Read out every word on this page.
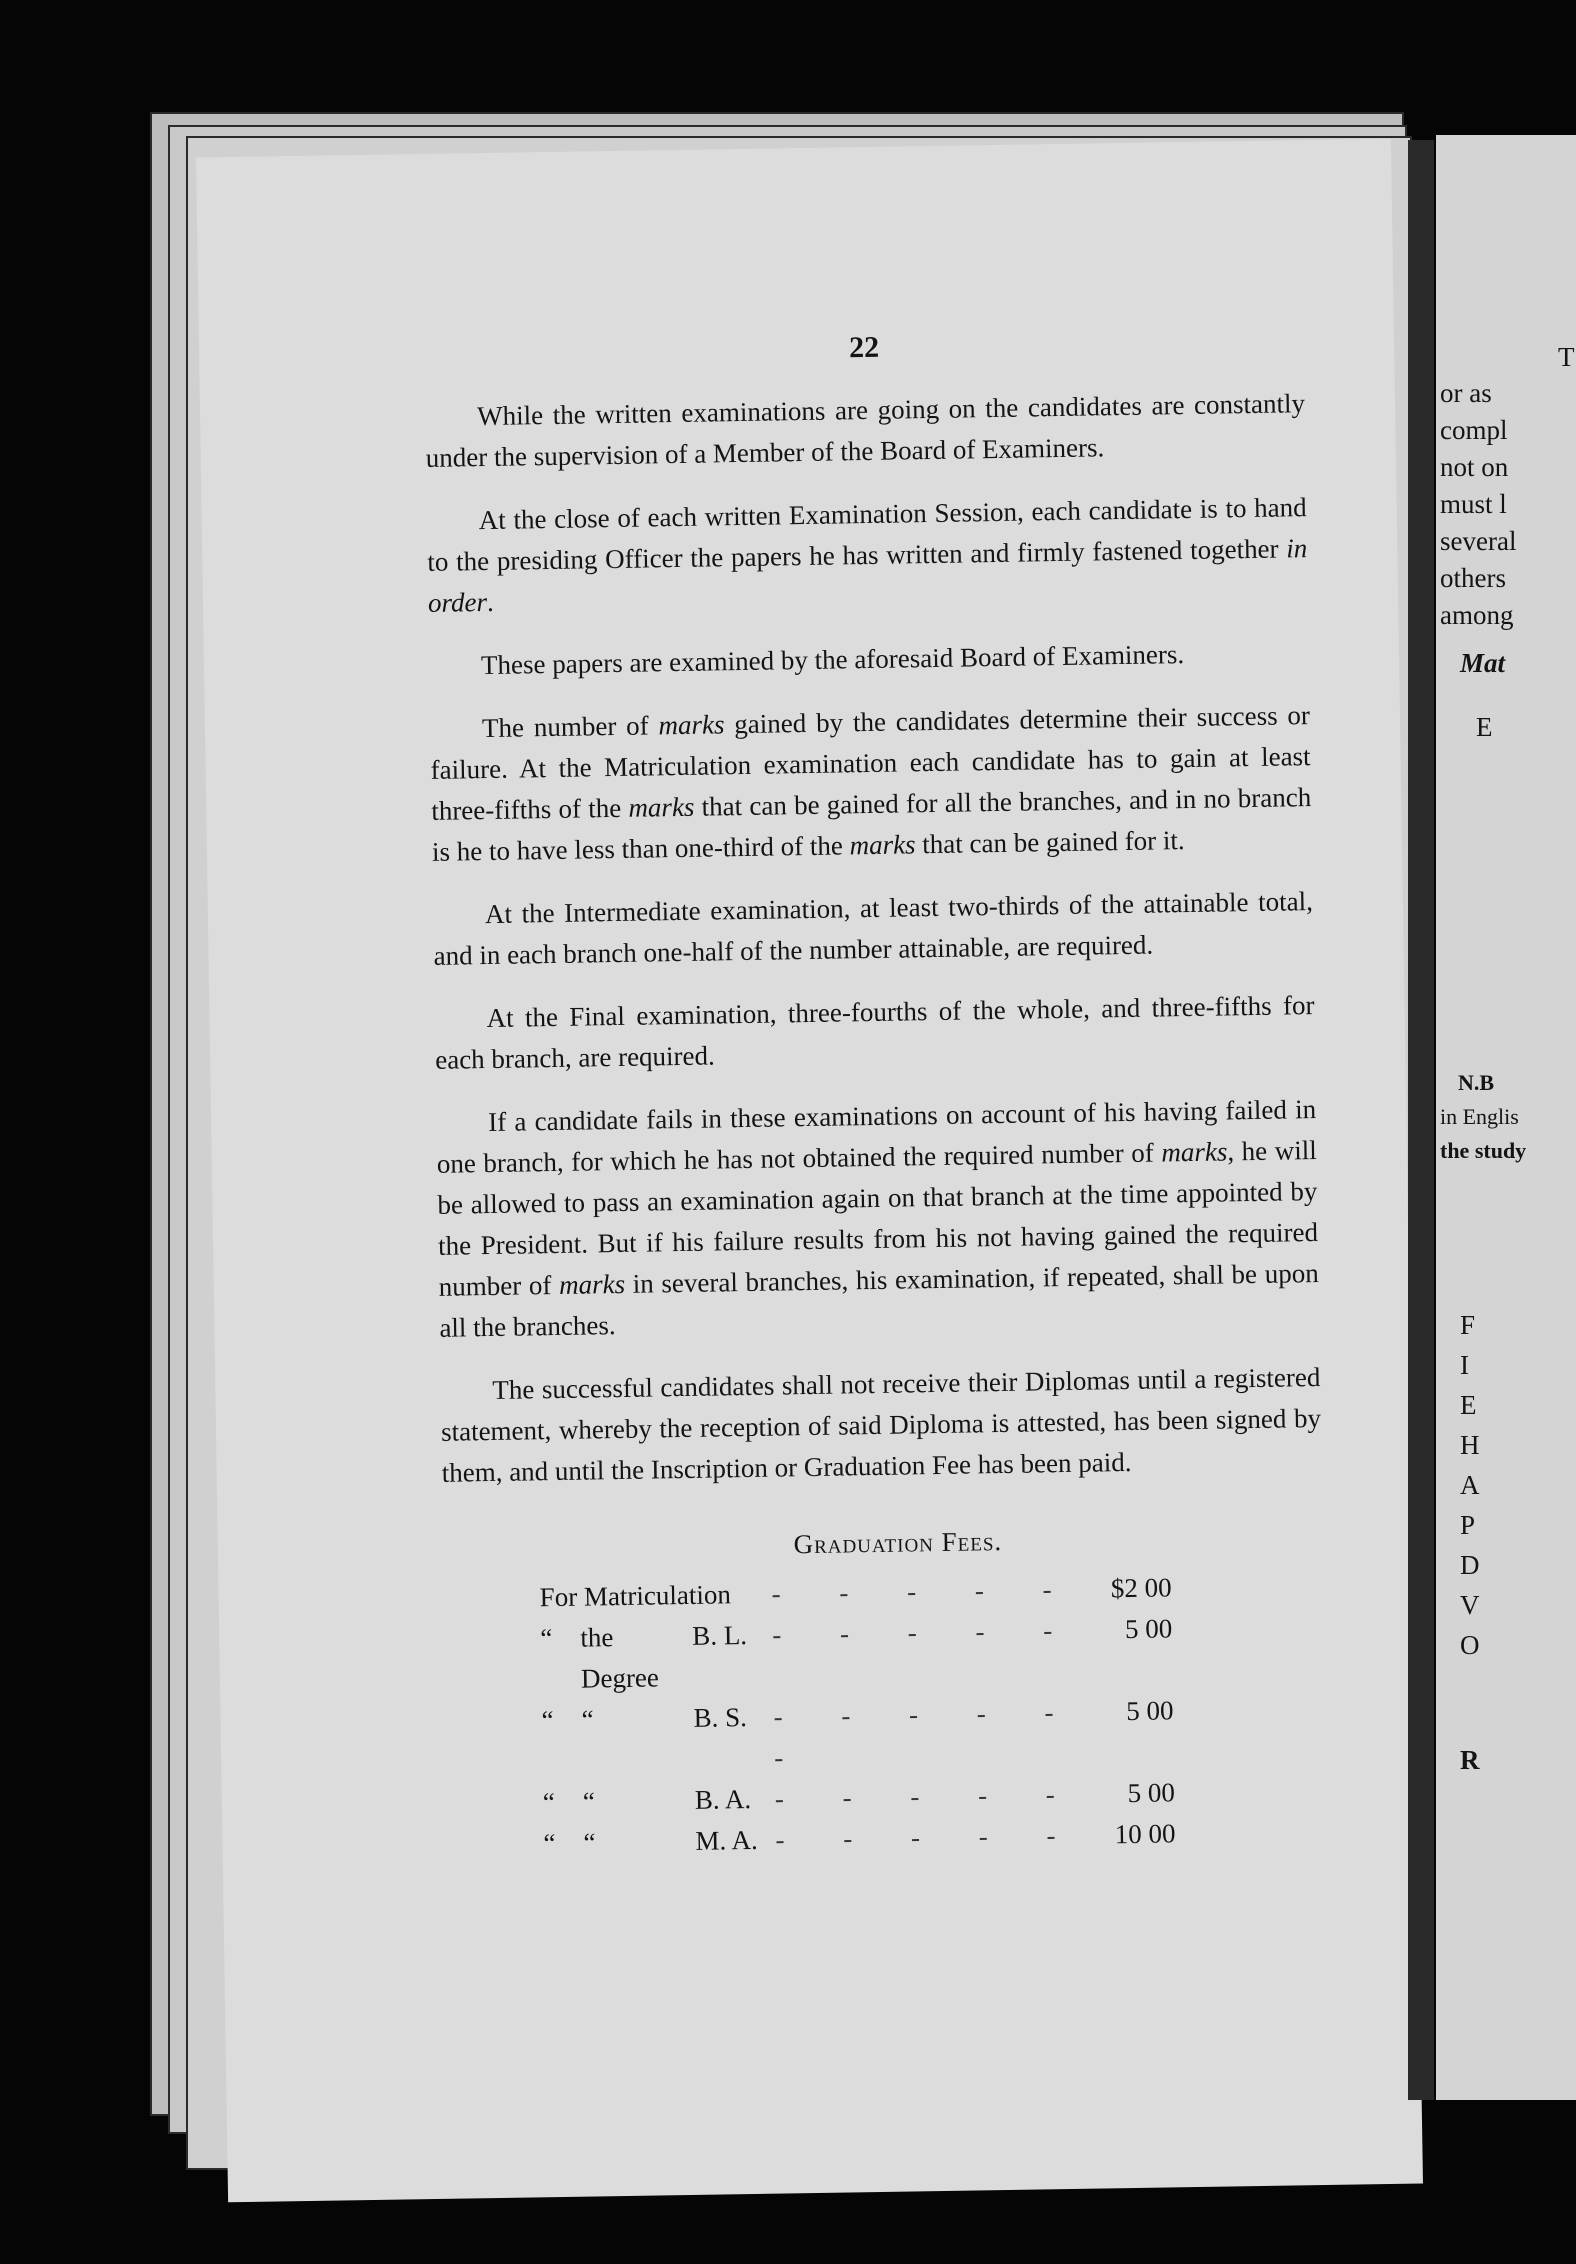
22

While the written examinations are going on the candidates are constantly under the supervision of a Member of the Board of Examiners.

At the close of each written Examination Session, each candidate is to hand to the presiding Officer the papers he has written and firmly fastened together in order.

These papers are examined by the aforesaid Board of Examiners.

The number of marks gained by the candidates determine their success or failure. At the Matriculation examination each candidate has to gain at least three-fifths of the marks that can be gained for all the branches, and in no branch is he to have less than one-third of the marks that can be gained for it.

At the Intermediate examination, at least two-thirds of the attainable total, and in each branch one-half of the number attainable, are required.

At the Final examination, three-fourths of the whole, and three-fifths for each branch, are required.

If a candidate fails in these examinations on account of his having failed in one branch, for which he has not obtained the required number of marks, he will be allowed to pass an examination again on that branch at the time appointed by the President. But if his failure results from his not having gained the required number of marks in several branches, his examination, if repeated, shall be upon all the branches.

The successful candidates shall not receive their Diplomas until a registered statement, whereby the reception of said Diploma is attested, has been signed by them, and until the Inscription or Graduation Fee has been paid.

Graduation Fees.
For Matriculation			- - - - -	$2 00
“	the Degree	B. L.	- - - - -	5 00
“	“	B. S.	- - - - - -	5 00
“	“	B. A.	- - - - -	5 00
“	“	M. A.	- - - - -	10 00
T
or as
compl
not on
must l
several
others
among
Mat
E
N.B
in Englis
the study
F
I
E
H
A
P
D
V
O
R
